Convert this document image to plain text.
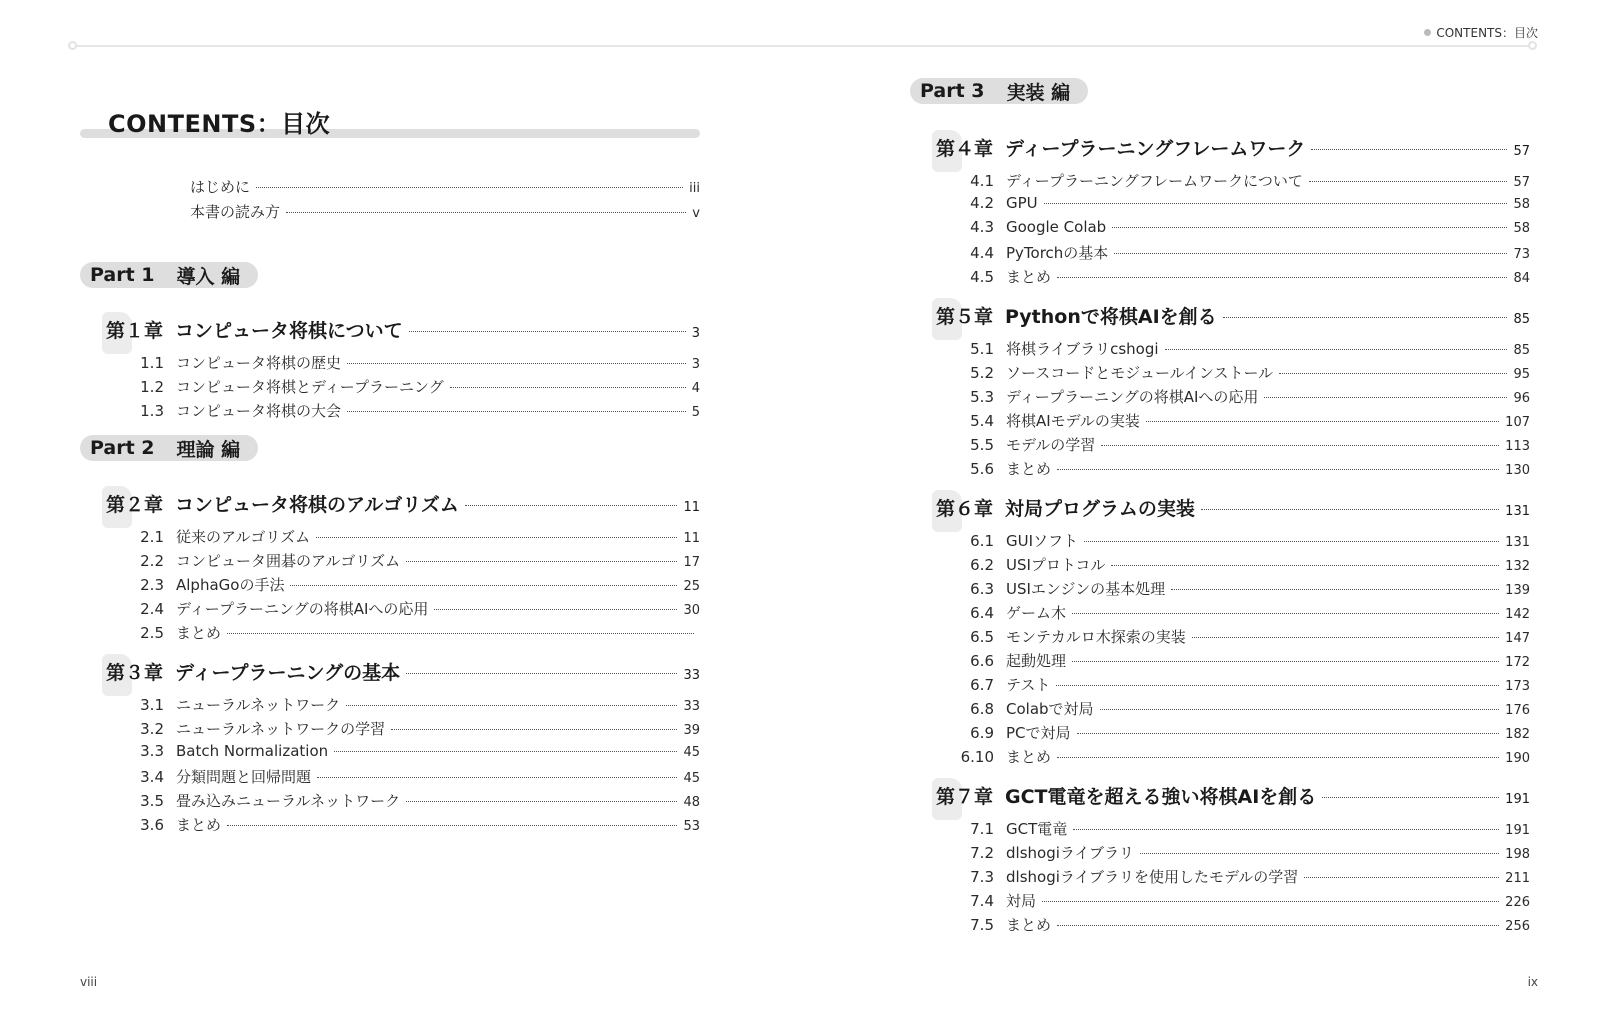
CONTENTS：目次
CONTENTS：目次
はじめに	iii
本書の読み方	v
Part 1 導入 編
第１章 コンピュータ将棋について	3
1.1 コンピュータ将棋の歴史	3
1.2 コンピュータ将棋とディープラーニング	4
1.3 コンピュータ将棋の大会	5
Part 2 理論 編
第２章 コンピュータ将棋のアルゴリズム	11
2.1 従来のアルゴリズム	11
2.2 コンピュータ囲碁のアルゴリズム	17
2.3 AlphaGoの手法	25
2.4 ディープラーニングの将棋AIへの応用	30
2.5 まとめ
第３章 ディープラーニングの基本	33
3.1 ニューラルネットワーク	33
3.2 ニューラルネットワークの学習	39
3.3 Batch Normalization	45
3.4 分類問題と回帰問題	45
3.5 畳み込みニューラルネットワーク	48
3.6 まとめ	53
viii
Part 3 実装 編
第４章 ディープラーニングフレームワーク	57
4.1 ディープラーニングフレームワークについて	57
4.2 GPU	58
4.3 Google Colab	58
4.4 PyTorchの基本	73
4.5 まとめ	84
第５章 Pythonで将棋AIを創る	85
5.1 将棋ライブラリcshogi	85
5.2 ソースコードとモジュールインストール	95
5.3 ディープラーニングの将棋AIへの応用	96
5.4 将棋AIモデルの実装	107
5.5 モデルの学習	113
5.6 まとめ	130
第６章 対局プログラムの実装	131
6.1 GUIソフト	131
6.2 USIプロトコル	132
6.3 USIエンジンの基本処理	139
6.4 ゲーム木	142
6.5 モンテカルロ木探索の実装	147
6.6 起動処理	172
6.7 テスト	173
6.8 Colabで対局	176
6.9 PCで対局	182
6.10 まとめ	190
第７章 GCT電竜を超える強い将棋AIを創る	191
7.1 GCT電竜	191
7.2 dlshogiライブラリ	198
7.3 dlshogiライブラリを使用したモデルの学習	211
7.4 対局	226
7.5 まとめ	256
ix
